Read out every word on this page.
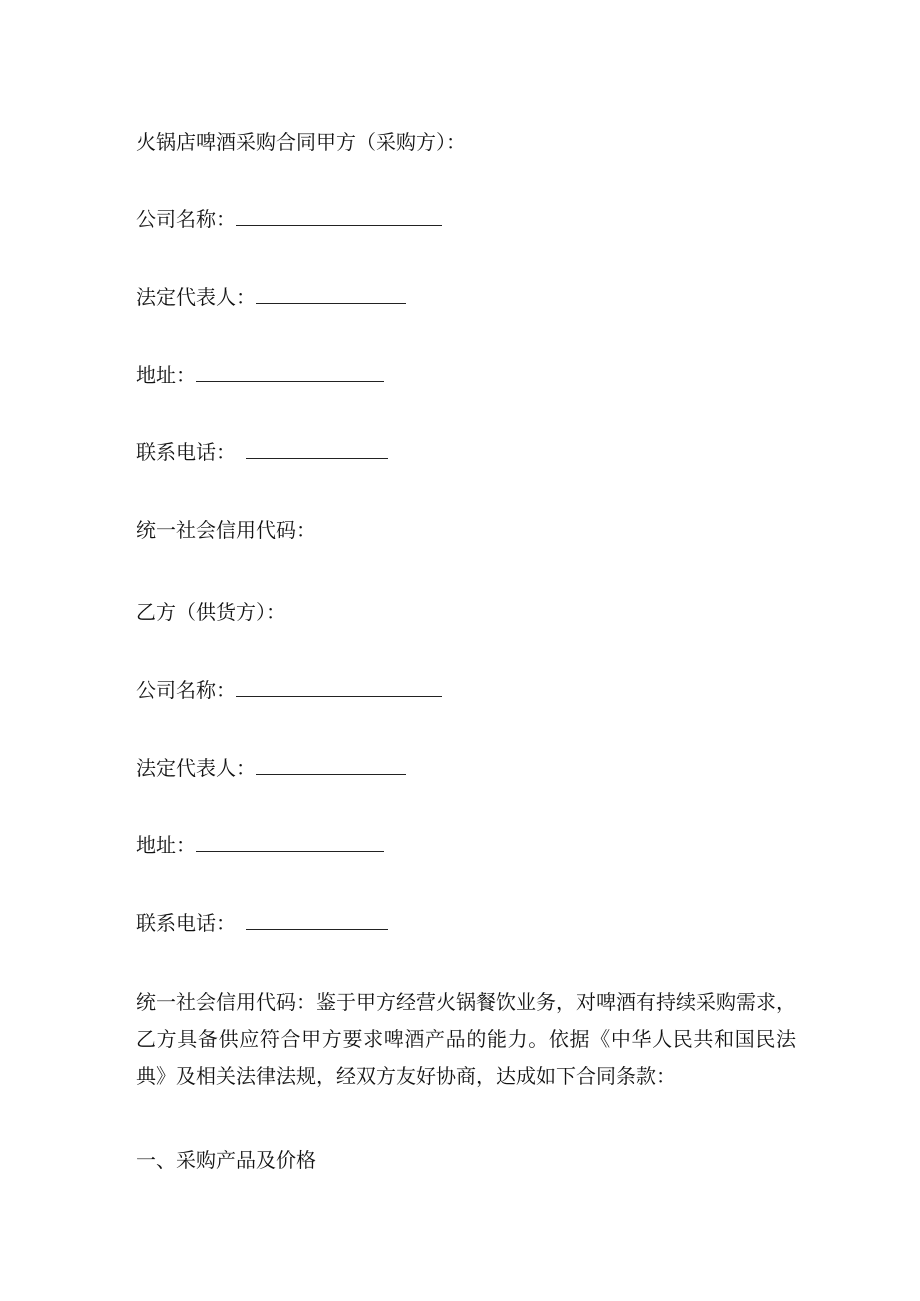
火锅店啤酒采购合同甲方（采购方）：
公司名称：
法定代表人：
地址：
联系电话：
统一社会信用代码：
乙方（供货方）：
公司名称：
法定代表人：
地址：
联系电话：
统一社会信用代码：鉴于甲方经营火锅餐饮业务，对啤酒有持续采购需求，乙方具备供应符合甲方要求啤酒产品的能力。依据《中华人民共和国民法典》及相关法律法规，经双方友好协商，达成如下合同条款：
一、采购产品及价格
